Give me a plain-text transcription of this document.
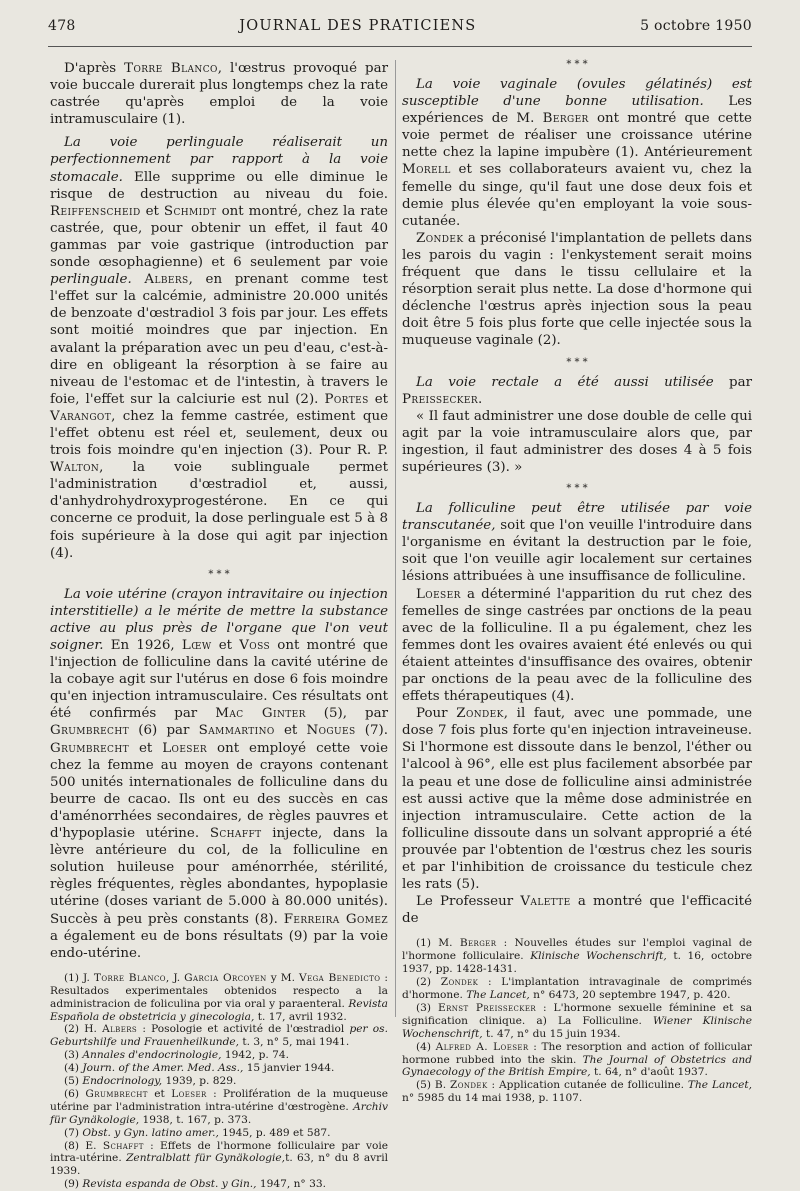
478	JOURNAL DES PRATICIENS	5 octobre 1950

D'après Torre Blanco, l'œstrus provoqué par voie buccale durerait plus longtemps chez la rate castrée qu'après emploi de la voie intramusculaire (1).

La voie perlinguale réaliserait un perfectionnement par rapport à la voie stomacale. Elle supprime ou elle diminue le risque de destruction au niveau du foie. Reiffenscheid et Schmidt ont montré, chez la rate castrée, que, pour obtenir un effet, il faut 40 gammas par voie gastrique (introduction par sonde œsophagienne) et 6 seulement par voie perlinguale. Albers, en prenant comme test l'effet sur la calcémie, administre 20.000 unités de benzoate d'œstradiol 3 fois par jour. Les effets sont moitié moindres que par injection. En avalant la préparation avec un peu d'eau, c'est-à-dire en obligeant la résorption à se faire au niveau de l'estomac et de l'intestin, à travers le foie, l'effet sur la calciurie est nul (2). Portes et Varangot, chez la femme castrée, estiment que l'effet obtenu est réel et, seulement, deux ou trois fois moindre qu'en injection (3). Pour R. P. Walton, la voie sublinguale permet l'administration d'œstradiol et, aussi, d'anhydrohydroxyprogestérone. En ce qui concerne ce produit, la dose perlinguale est 5 à 8 fois supérieure à la dose qui agit par injection (4).

* * *

La voie utérine (crayon intravitaire ou injection interstitielle) a le mérite de mettre la substance active au plus près de l'organe que l'on veut soigner. En 1926, Lœw et Voss ont montré que l'injection de folliculine dans la cavité utérine de la cobaye agit sur l'utérus en dose 6 fois moindre qu'en injection intramusculaire. Ces résultats ont été confirmés par Mac Ginter (5), par Grumbrecht (6) par Sammartino et Nogues (7). Grumbrecht et Loeser ont employé cette voie chez la femme au moyen de crayons contenant 500 unités internationales de folliculine dans du beurre de cacao. Ils ont eu des succès en cas d'aménorrhées secondaires, de règles pauvres et d'hypoplasie utérine. Schafft injecte, dans la lèvre antérieure du col, de la folliculine en solution huileuse pour aménorrhée, stérilité, règles fréquentes, règles abondantes, hypoplasie utérine (doses variant de 5.000 à 80.000 unités). Succès à peu près constants (8). Ferreira Gomez a également eu de bons résultats (9) par la voie endo-utérine.

(1) J. Torre Blanco, J. Garcia Orcoyen y M. Vega Benedicto : Resultados experimentales obtenidos respecto a la administracion de foliculina por via oral y paraenteral. Revista Española de obstetricia y ginecologia, t. 17, avril 1932.

(2) H. Albers : Posologie et activité de l'œstradiol per os. Geburtshilfe und Frauenheilkunde, t. 3, n° 5, mai 1941.

(3) Annales d'endocrinologie, 1942, p. 74.

(4) Journ. of the Amer. Med. Ass., 15 janvier 1944.

(5) Endocrinology, 1939, p. 829.

(6) Grumbrecht et Loeser : Prolifération de la muqueuse utérine par l'administration intra-utérine d'œstrogène. Archiv für Gynäkologie, 1938, t. 167, p. 373.

(7) Obst. y Gyn. latino amer., 1945, p. 489 et 587.

(8) E. Schafft : Effets de l'hormone folliculaire par voie intra-utérine. Zentralblatt für Gynäkologie,t. 63, n° du 8 avril 1939.

(9) Revista espanda de Obst. y Gin., 1947, n° 33.

* * *

La voie vaginale (ovules gélatinés) est susceptible d'une bonne utilisation. Les expériences de M. Berger ont montré que cette voie permet de réaliser une croissance utérine nette chez la lapine impubère (1). Antérieurement Morell et ses collaborateurs avaient vu, chez la femelle du singe, qu'il faut une dose deux fois et demie plus élevée qu'en employant la voie sous-cutanée.

Zondek a préconisé l'implantation de pellets dans les parois du vagin : l'enkystement serait moins fréquent que dans le tissu cellulaire et la résorption serait plus nette. La dose d'hormone qui déclenche l'œstrus après injection sous la peau doit être 5 fois plus forte que celle injectée sous la muqueuse vaginale (2).

* * *

La voie rectale a été aussi utilisée par Preissecker.

« Il faut administrer une dose double de celle qui agit par la voie intramusculaire alors que, par ingestion, il faut administrer des doses 4 à 5 fois supérieures (3). »

* * *

La folliculine peut être utilisée par voie transcutanée, soit que l'on veuille l'introduire dans l'organisme en évitant la destruction par le foie, soit que l'on veuille agir localement sur certaines lésions attribuées à une insuffisance de folliculine.

Loeser a déterminé l'apparition du rut chez des femelles de singe castrées par onctions de la peau avec de la folliculine. Il a pu également, chez les femmes dont les ovaires avaient été enlevés ou qui étaient atteintes d'insuffisance des ovaires, obtenir par onctions de la peau avec de la folliculine des effets thérapeutiques (4).

Pour Zondek, il faut, avec une pommade, une dose 7 fois plus forte qu'en injection intraveineuse. Si l'hormone est dissoute dans le benzol, l'éther ou l'alcool à 96°, elle est plus facilement absorbée par la peau et une dose de folliculine ainsi administrée est aussi active que la même dose administrée en injection intramusculaire. Cette action de la folliculine dissoute dans un solvant approprié a été prouvée par l'obtention de l'œstrus chez les souris et par l'inhibition de croissance du testicule chez les rats (5).

Le Professeur Valette a montré que l'efficacité de

(1) M. Berger : Nouvelles études sur l'emploi vaginal de l'hormone folliculaire. Klinische Wochenschrift, t. 16, octobre 1937, pp. 1428-1431.

(2) Zondek : L'implantation intravaginale de comprimés d'hormone. The Lancet, n° 6473, 20 septembre 1947, p. 420.

(3) Ernst Preissecker : L'hormone sexuelle féminine et sa signification clinique. a) La Folliculine. Wiener Klinische Wochenschrift, t. 47, n° du 15 juin 1934.

(4) Alfred A. Loeser : The resorption and action of follicular hormone rubbed into the skin. The Journal of Obstetrics and Gynaecology of the British Empire, t. 64, n° d'août 1937.

(5) B. Zondek : Application cutanée de folliculine. The Lancet, n° 5985 du 14 mai 1938, p. 1107.
